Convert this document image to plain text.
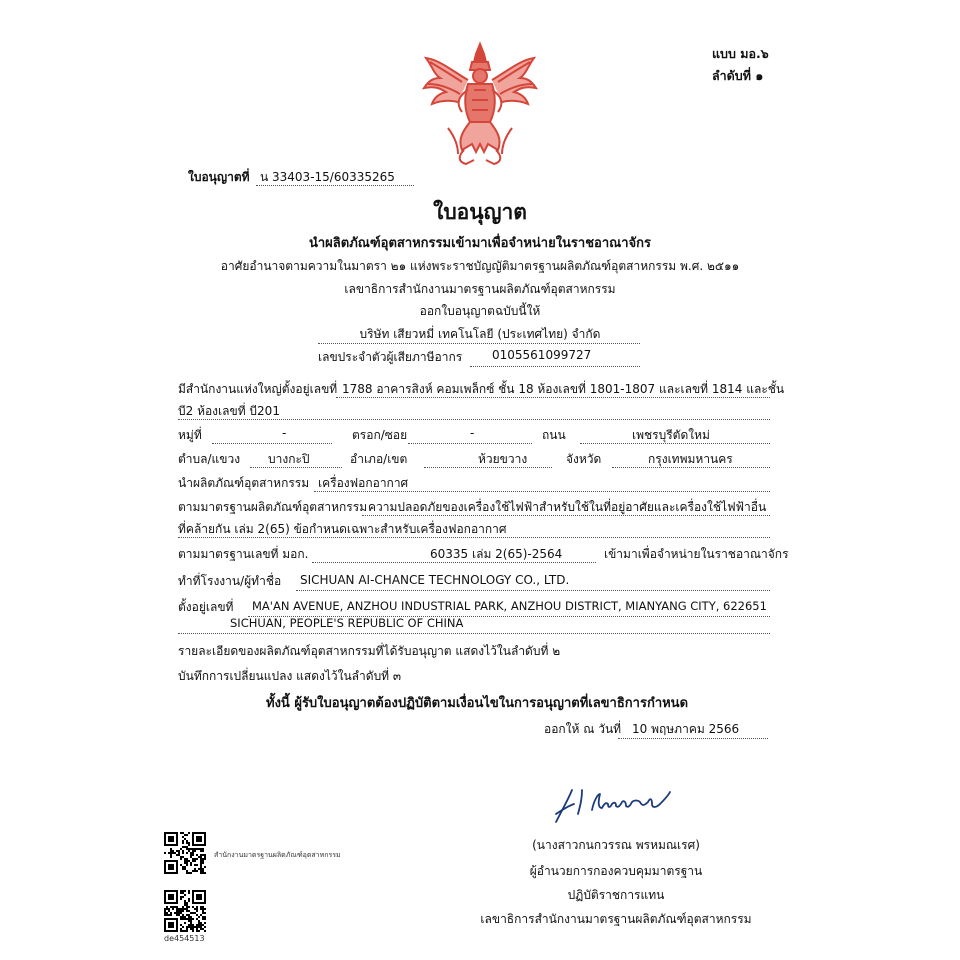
แบบ มอ.๖
ลำดับที่ ๑
ใบอนุญาตที่ น 33403-15/60335265
ใบอนุญาต
นำผลิตภัณฑ์อุตสาหกรรมเข้ามาเพื่อจำหน่ายในราชอาณาจักร
อาศัยอำนาจตามความในมาตรา ๒๑ แห่งพระราชบัญญัติมาตรฐานผลิตภัณฑ์อุตสาหกรรม พ.ศ. ๒๕๑๑
เลขาธิการสำนักงานมาตรฐานผลิตภัณฑ์อุตสาหกรรม
ออกใบอนุญาตฉบับนี้ให้
บริษัท เสียวหมี่ เทคโนโลยี (ประเทศไทย) จำกัด
เลขประจำตัวผู้เสียภาษีอากร 0105561099727
มีสำนักงานแห่งใหญ่ตั้งอยู่เลขที่ 1788 อาคารสิงห์ คอมเพล็กซ์ ชั้น 18 ห้องเลขที่ 1801-1807 และเลขที่ 1814 และชั้น
บี2 ห้องเลขที่ บี201
หมู่ที่	-	ตรอก/ซอย	-	ถนน	เพชรบุรีตัดใหม่
ตำบล/แขวง บางกะปิ	อำเภอ/เขต	ห้วยขวาง	จังหวัด	กรุงเทพมหานคร
นำผลิตภัณฑ์อุตสาหกรรม เครื่องฟอกอากาศ
ตามมาตรฐานผลิตภัณฑ์อุตสาหกรรม ความปลอดภัยของเครื่องใช้ไฟฟ้าสำหรับใช้ในที่อยู่อาศัยและเครื่องใช้ไฟฟ้าอื่น
ที่คล้ายกัน เล่ม 2(65) ข้อกำหนดเฉพาะสำหรับเครื่องฟอกอากาศ
ตามมาตรฐานเลขที่ มอก.	60335 เล่ม 2(65)-2564	เข้ามาเพื่อจำหน่ายในราชอาณาจักร
ทำที่โรงงาน/ผู้ทำชื่อ SICHUAN AI-CHANCE TECHNOLOGY CO., LTD.
ตั้งอยู่เลขที่ MA'AN AVENUE, ANZHOU INDUSTRIAL PARK, ANZHOU DISTRICT, MIANYANG CITY, 622651
SICHUAN, PEOPLE'S REPUBLIC OF CHINA
รายละเอียดของผลิตภัณฑ์อุตสาหกรรมที่ได้รับอนุญาต แสดงไว้ในลำดับที่ ๒
บันทึกการเปลี่ยนแปลง แสดงไว้ในลำดับที่ ๓
ทั้งนี้ ผู้รับใบอนุญาตต้องปฏิบัติตามเงื่อนไขในการอนุญาตที่เลขาธิการกำหนด
ออกให้ ณ วันที่ 10 พฤษภาคม 2566
(นางสาวกนกวรรณ พรหมณเรศ)
ผู้อำนวยการกองควบคุมมาตรฐาน
ปฏิบัติราชการแทน
เลขาธิการสำนักงานมาตรฐานผลิตภัณฑ์อุตสาหกรรม
สำนักงานมาตรฐานผลิตภัณฑ์อุตสาหกรรม
de454513
